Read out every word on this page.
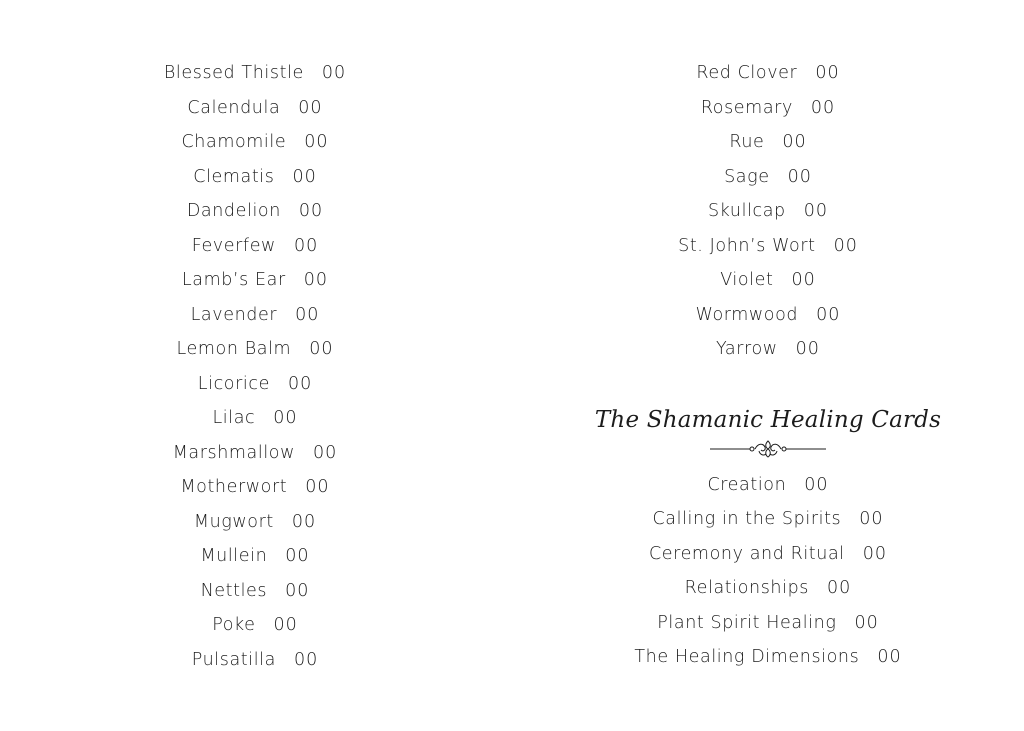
Blessed Thistle 00
Calendula 00
Chamomile 00
Clematis 00
Dandelion 00
Feverfew 00
Lamb’s Ear 00
Lavender 00
Lemon Balm 00
Licorice 00
Lilac 00
Marshmallow 00
Motherwort 00
Mugwort 00
Mullein 00
Nettles 00
Poke 00
Pulsatilla 00
Red Clover 00
Rosemary 00
Rue 00
Sage 00
Skullcap 00
St. John’s Wort 00
Violet 00
Wormwood 00
Yarrow 00
The Shamanic Healing Cards
Creation 00
Calling in the Spirits 00
Ceremony and Ritual 00
Relationships 00
Plant Spirit Healing 00
The Healing Dimensions 00
